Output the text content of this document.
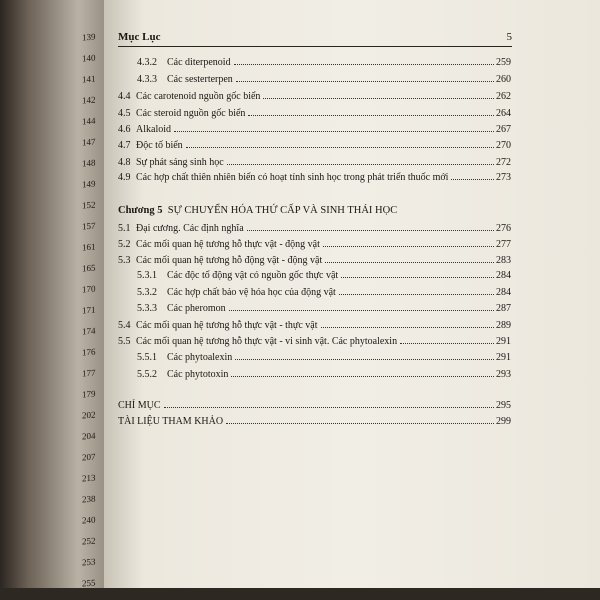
139
140
141
142
144
147
148
149
152
157
161
165
170
171
174
176
177
179
202
204
207
213
238
240
252
253
255
Mục Lục	5
4.3.2	Các diterpenoid	259
4.3.3	Các sesterterpen	260
4.4 Các carotenoid nguồn gốc biển	262
4.5 Các steroid nguồn gốc biển	264
4.6 Alkaloid	267
4.7 Độc tố biển	270
4.8 Sự phát sáng sinh học	272
4.9 Các hợp chất thiên nhiên biển có hoạt tính sinh học trong phát triển thuốc mới	273
Chương 5 SỰ CHUYỂN HÓA THỨ CẤP VÀ SINH THÁI HỌC
5.1 Đại cương. Các định nghĩa	276
5.2 Các mối quan hệ tương hỗ thực vật - động vật	277
5.3 Các mối quan hệ tương hỗ động vật - động vật	283
5.3.1	Các độc tố động vật có nguồn gốc thực vật	284
5.3.2	Các hợp chất bảo vệ hóa học của động vật	284
5.3.3	Các pheromon	287
5.4 Các mối quan hệ tương hỗ thực vật - thực vật	289
5.5 Các mối quan hệ tương hỗ thực vật - vi sinh vật. Các phytoalexin	291
5.5.1	Các phytoalexin	291
5.5.2	Các phytotoxin	293
CHỈ MỤC	295
TÀI LIỆU THAM KHẢO	299
